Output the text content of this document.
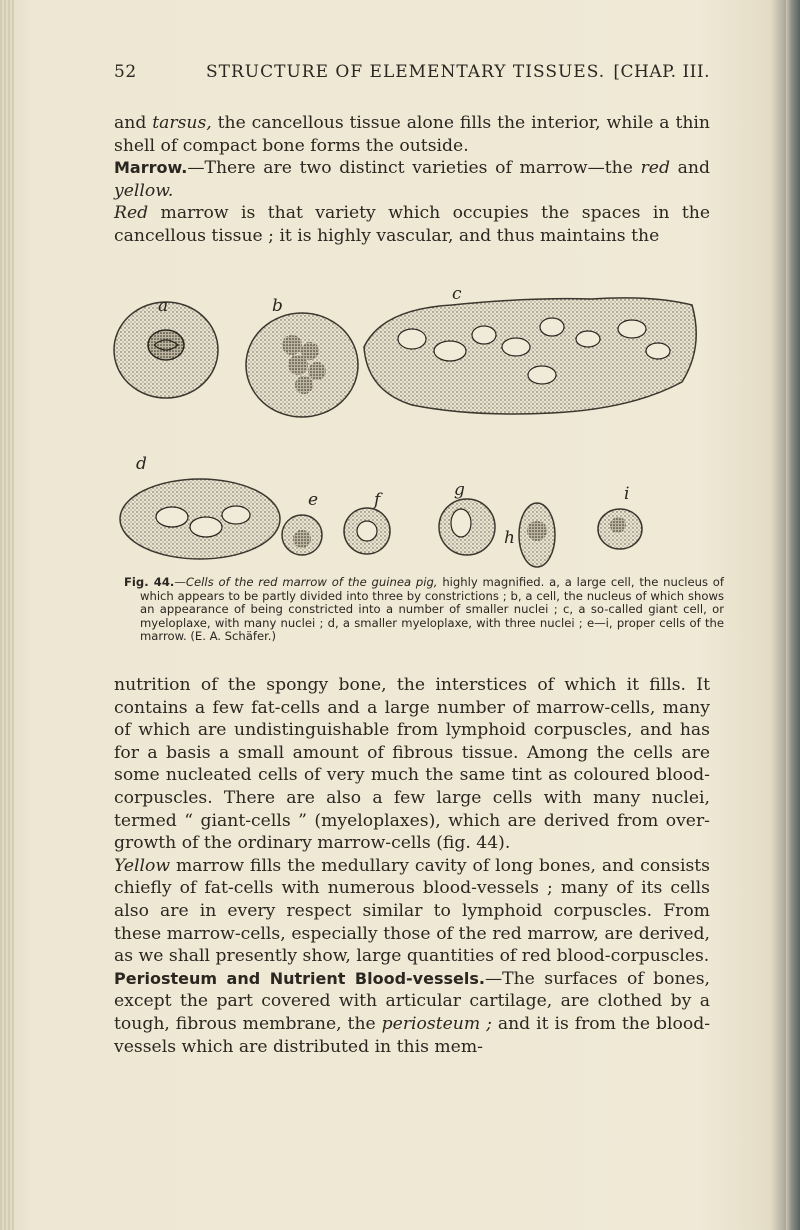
52	STRUCTURE OF ELEMENTARY TISSUES. [CHAP. III.

and tarsus, the cancellous tissue alone fills the interior, while a thin shell of compact bone forms the outside.

Marrow.—There are two distinct varieties of marrow—the red and yellow.

Red marrow is that variety which occupies the spaces in the cancellous tissue ; it is highly vascular, and thus maintains the

a	b
c
d
e	f	g
h
i
Fig. 44.—Cells of the red marrow of the guinea pig, highly magnified. a, a large cell, the nucleus of which appears to be partly divided into three by constrictions ; b, a cell, the nucleus of which shows an appearance of being constricted into a number of smaller nuclei ; c, a so-called giant cell, or myeloplaxe, with many nuclei ; d, a smaller myeloplaxe, with three nuclei ; e—i, proper cells of the marrow. (E. A. Schäfer.)

nutrition of the spongy bone, the interstices of which it fills. It contains a few fat-cells and a large number of marrow-cells, many of which are undistinguishable from lymphoid corpuscles, and has for a basis a small amount of fibrous tissue. Among the cells are some nucleated cells of very much the same tint as coloured blood-corpuscles. There are also a few large cells with many nuclei, termed “ giant-cells ” (myeloplaxes), which are derived from over-growth of the ordinary marrow-cells (fig. 44).

Yellow marrow fills the medullary cavity of long bones, and consists chiefly of fat-cells with numerous blood-vessels ; many of its cells also are in every respect similar to lymphoid corpuscles. From these marrow-cells, especially those of the red marrow, are derived, as we shall presently show, large quantities of red blood-corpuscles.

Periosteum and Nutrient Blood-vessels.—The surfaces of bones, except the part covered with articular cartilage, are clothed by a tough, fibrous membrane, the periosteum ; and it is from the blood-vessels which are distributed in this mem-
